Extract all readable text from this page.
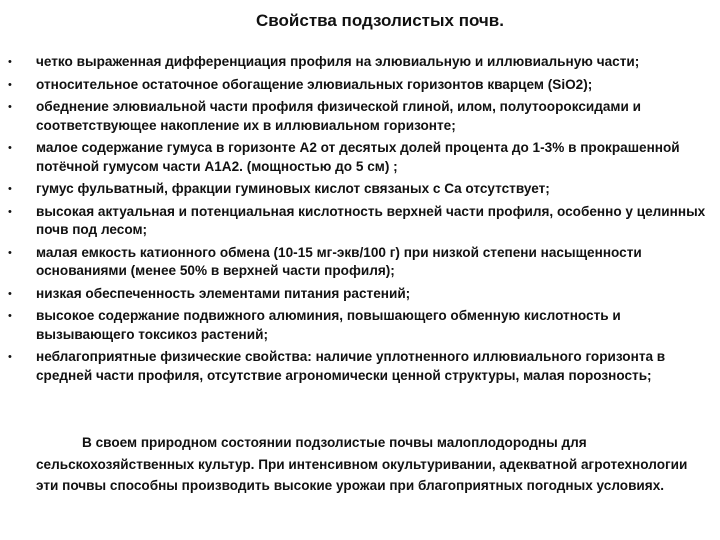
Свойства подзолистых почв.
•	четко выраженная дифференциация профиля на элювиальную и иллювиальную части;
•	относительное остаточное обогащение элювиальных горизонтов кварцем (SiO2);
•	обеднение элювиальной части профиля физической глиной, илом, полутоороксидами и соответствующее накопление их в иллювиальном горизонте;
•	малое содержание гумуса в горизонте A2 от десятых долей процента до 1-3% в прокрашенной потёчной гумусом части A1A2. (мощностью до 5 см) ;
•	гумус фульватный, фракции гуминовых кислот связаных с Ca отсутствует;
•	высокая актуальная и потенциальная кислотность верхней части профиля, особенно у целинных почв под лесом;
•	малая емкость катионного обмена (10-15 мг-экв/100 г) при низкой степени насыщенности основаниями (менее 50% в верхней части профиля);
•	низкая обеспеченность элементами питания растений;
•	высокое содержание подвижного алюминия, повышающего обменную кислотность и вызывающего токсикоз растений;
•	неблагоприятные физические свойства: наличие уплотненного иллювиального горизонта в средней части профиля, отсутствие агрономически ценной структуры, малая порозность;
В своем природном состоянии подзолистые почвы малоплодородны для сельскохозяйственных культур. При интенсивном окультуривании, адекватной агротехнологии эти почвы способны производить высокие урожаи при благоприятных погодных условиях.
